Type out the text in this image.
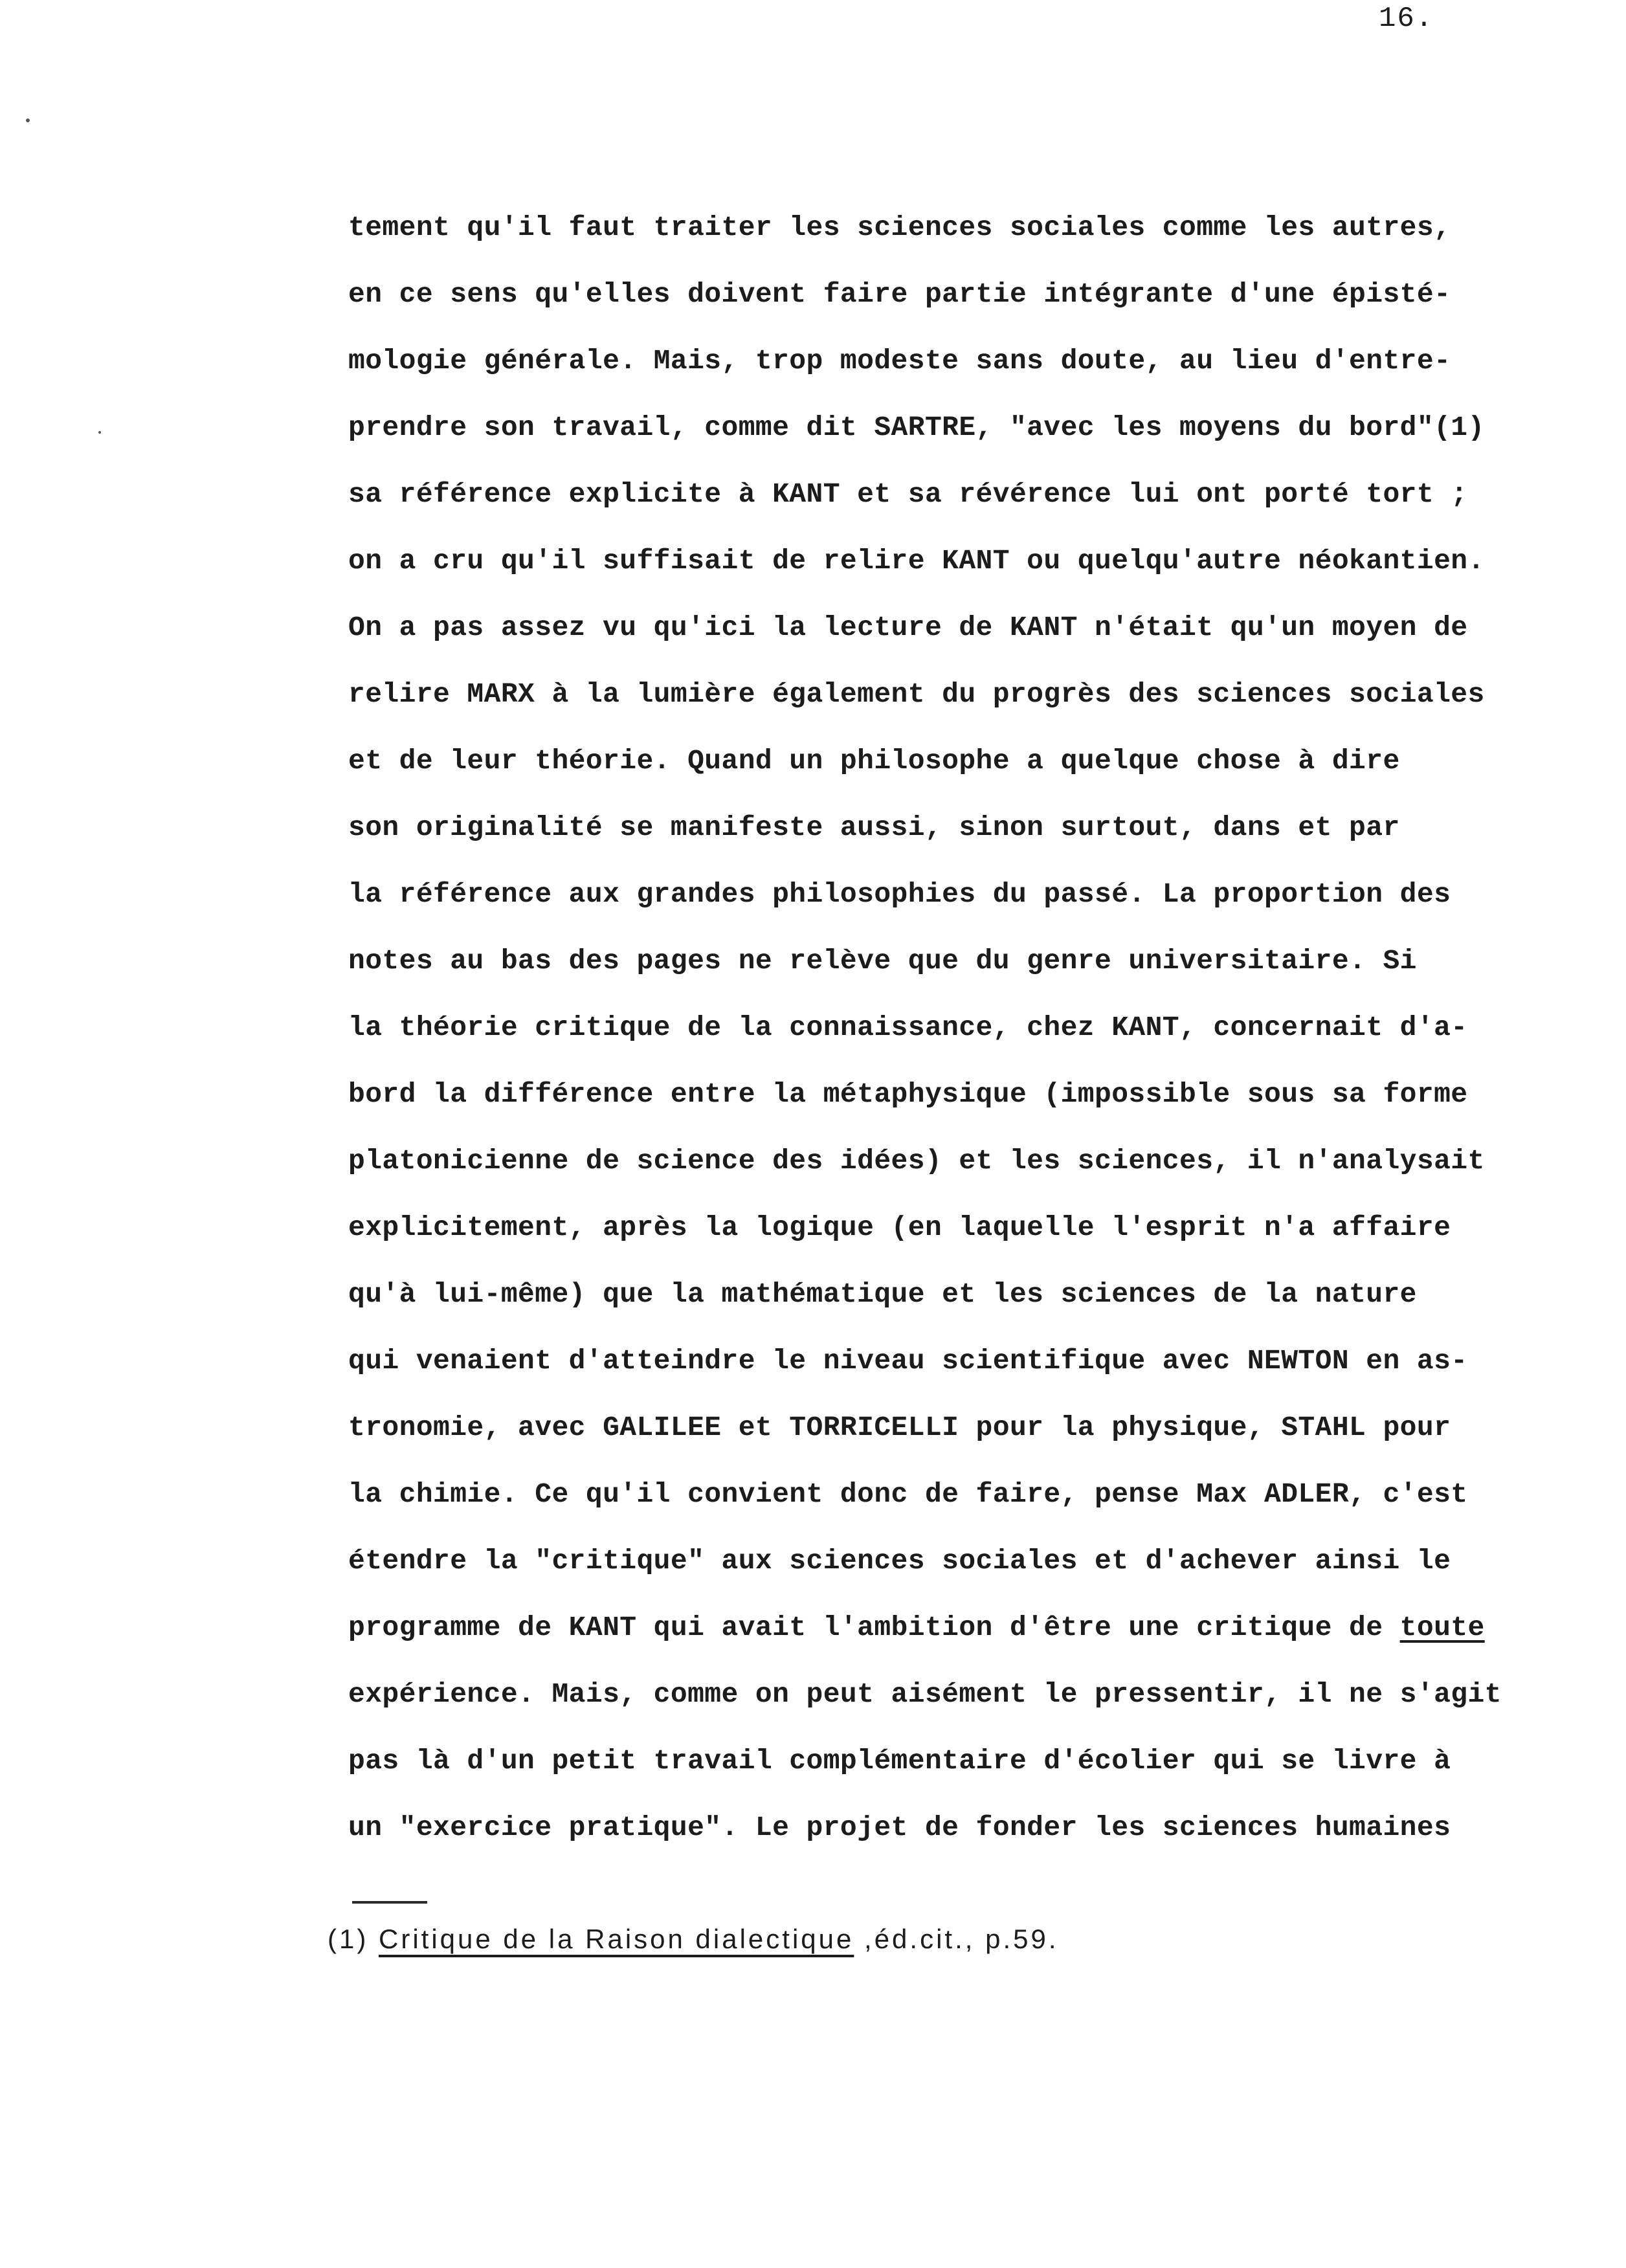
16.
tement qu'il faut traiter les sciences sociales comme les autres,
en ce sens qu'elles doivent faire partie intégrante d'une épisté-
mologie générale. Mais, trop modeste sans doute, au lieu d'entre-
prendre son travail, comme dit SARTRE, "avec les moyens du bord"(1)
sa référence explicite à KANT et sa révérence lui ont porté tort ;
on a cru qu'il suffisait de relire KANT ou quelqu'autre néokantien.
On a pas assez vu qu'ici la lecture de KANT n'était qu'un moyen de
relire MARX à la lumière également du progrès des sciences sociales
et de leur théorie. Quand un philosophe a quelque chose à dire
son originalité se manifeste aussi, sinon surtout, dans et par
la référence aux grandes philosophies du passé. La proportion des
notes au bas des pages ne relève que du genre universitaire. Si
la théorie critique de la connaissance, chez KANT, concernait d'a-
bord la différence entre la métaphysique (impossible sous sa forme
platonicienne de science des idées) et les sciences, il n'analysait
explicitement, après la logique (en laquelle l'esprit n'a affaire
qu'à lui-même) que la mathématique et les sciences de la nature
qui venaient d'atteindre le niveau scientifique avec NEWTON en as-
tronomie, avec GALILEE et TORRICELLI pour la physique, STAHL pour
la chimie. Ce qu'il convient donc de faire, pense Max ADLER, c'est
étendre la "critique" aux sciences sociales et d'achever ainsi le
programme de KANT qui avait l'ambition d'être une critique de toute
expérience. Mais, comme on peut aisément le pressentir, il ne s'agit
pas là d'un petit travail complémentaire d'écolier qui se livre à
un "exercice pratique". Le projet de fonder les sciences humaines
(1) Critique de la Raison dialectique ,éd.cit., p.59.
